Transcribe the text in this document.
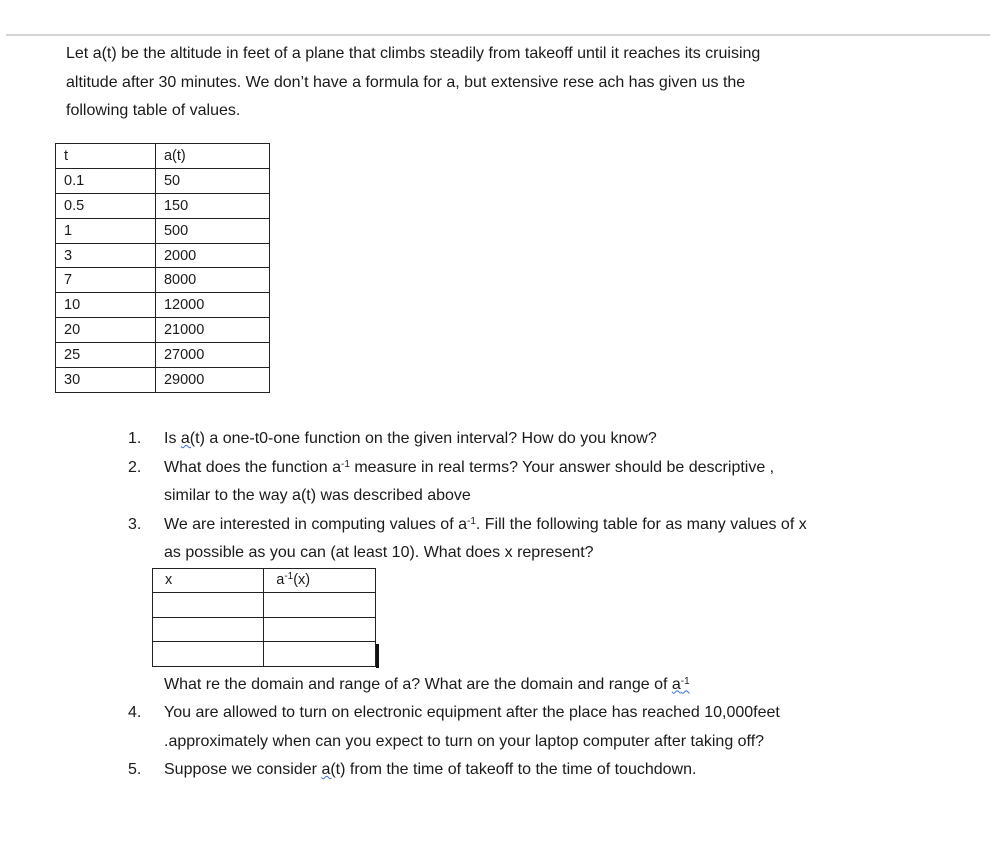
Let a(t) be the altitude in feet of a plane that climbs steadily from takeoff until it reaches its cruising
altitude after 30 minutes. We don’t have a formula for a, but extensive rese ach has given us the
following table of values.

t	a(t)
0.1	50
0.5	150
1	500
3	2000
7	8000
10	12000
20	21000
25	27000
30	29000
1. Is a(t) a one-t0-one function on the given interval? How do you know?
2. What does the function $a^{-1}$ measure in real terms? Your answer should be descriptive ,
similar to the way a(t) was described above
3. We are interested in computing values of $a^{-1}$. Fill the following table for as many values of x
as possible as you can (at least 10). What does x represent?
x	$a^{-1}(x)$

What re the domain and range of a? What are the domain and range of $a^{-1}$
4. You are allowed to turn on electronic equipment after the place has reached 10,000feet
.approximately when can you expect to turn on your laptop computer after taking off?
5. Suppose we consider a(t) from the time of takeoff to the time of touchdown.
